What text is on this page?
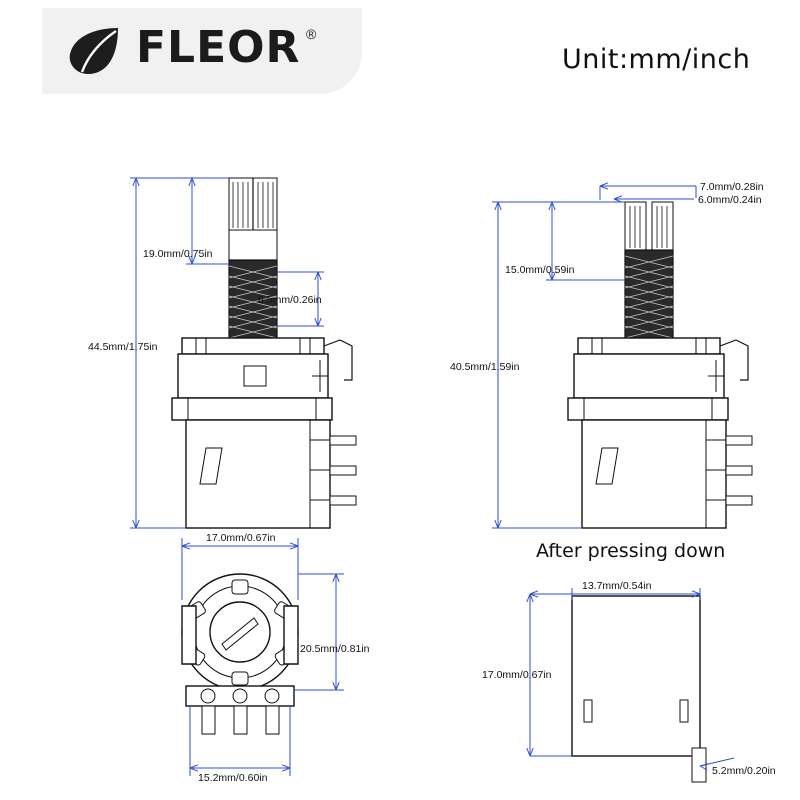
FLEOR ®
Unit:mm/inch
After pressing down
19.0mm/0.75in
6.5mm/0.26in
44.5mm/1.75in
7.0mm/0.28in
6.0mm/0.24in
15.0mm/0.59in
40.5mm/1.59in
17.0mm/0.67in
20.5mm/0.81in
15.2mm/0.60in
13.7mm/0.54in
17.0mm/0.67in
5.2mm/0.20in
